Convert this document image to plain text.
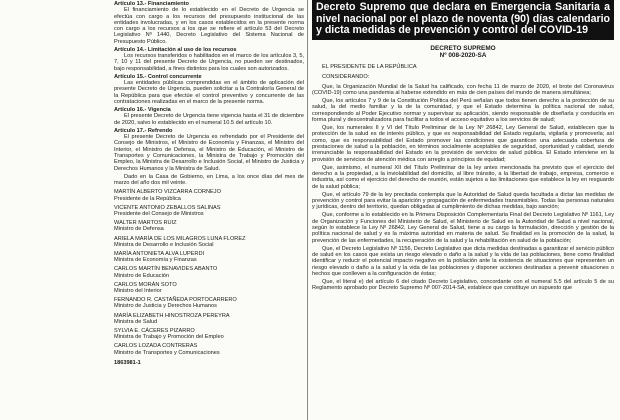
Artículo 13.- Financiamiento

El financiamiento de lo establecido en el Decreto de Urgencia se efectúa con cargo a los recursos del presupuesto institucional de las entidades involucradas, y en los casos establecidos en la presente norma con cargo a los recursos a los que se refiere el artículo 53 del Decreto Legislativo Nº 1440, Decreto Legislativo del Sistema Nacional de Presupuesto Público.

Artículo 14.- Limitación al uso de los recursos

Los recursos transferidos o habilitados en el marco de los artículos 3, 5, 7, 10 y 11 del presente Decreto de Urgencia, no pueden ser destinados, bajo responsabilidad, a fines distintos para los cuales son autorizados.

Artículo 15.- Control concurrente

Las entidades públicas comprendidas en el ámbito de aplicación del presente Decreto de Urgencia, pueden solicitar a la Contraloría General de la República para que efectúe el control preventivo y concurrente de las contrataciones realizadas en el marco de la presente norma.

Artículo 16.- Vigencia

El presente Decreto de Urgencia tiene vigencia hasta el 31 de diciembre de 2020, salvo lo establecido en el numeral 10.5 del artículo 10.

Artículo 17.- Refrendo

El presente Decreto de Urgencia es refrendado por el Presidente del Consejo de Ministros, el Ministro de Economía y Finanzas, el Ministro del Interior, el Ministro de Defensa, el Ministro de Educación, el Ministro de Transportes y Comunicaciones, la Ministra de Trabajo y Promoción del Empleo, la Ministra de Desarrollo e Inclusión Social, el Ministro de Justicia y Derechos Humanos y la Ministra de Salud.

Dado en la Casa de Gobierno, en Lima, a los once días del mes de marzo del año dos mil veinte.

MARTÍN ALBERTO VIZCARRA CORNEJO
Presidente de la República
VICENTE ANTONIO ZEBALLOS SALINAS
Presidente del Consejo de Ministros
WALTER MARTOS RUIZ
Ministro de Defensa
ARIELA MARÍA DE LOS MILAGROS LUNA FLOREZ
Ministra de Desarrollo e Inclusión Social
MARÍA ANTONIETA ALVA LUPERDI
Ministra de Economía y Finanzas
CARLOS MARTÍN BENAVIDES ABANTO
Ministro de Educación
CARLOS MORÁN SOTO
Ministro del Interior
FERNANDO R. CASTAÑEDA PORTOCARRERO
Ministro de Justicia y Derechos Humanos
MARÍA ELIZABETH HINOSTROZA PEREYRA
Ministra de Salud
SYLVIA E. CÁCERES PIZARRO
Ministra de Trabajo y Promoción del Empleo
CARLOS LOZADA CONTRERAS
Ministro de Transportes y Comunicaciones
1863981-1
Decreto Supremo que declara en Emergencia Sanitaria a nivel nacional por el plazo de noventa (90) días calendario y dicta medidas de prevención y control del COVID-19
DECRETO SUPREMO
Nº 008-2020-SA

EL PRESIDENTE DE LA REPÚBLICA

CONSIDERANDO:

Que, la Organización Mundial de la Salud ha calificado, con fecha 11 de marzo de 2020, el brote del Coronavirus (COVID-19) como una pandemia al haberse extendido en más de cien países del mundo de manera simultánea;

Que, los artículos 7 y 9 de la Constitución Política del Perú señalan que todos tienen derecho a la protección de su salud, la del medio familiar y la de la comunidad, y que el Estado determina la política nacional de salud, correspondiendo al Poder Ejecutivo normar y supervisar su aplicación, siendo responsable de diseñarla y conducirla en forma plural y descentralizadora para facilitar a todos el acceso equitativo a los servicios de salud;

Que, los numerales II y VI del Título Preliminar de la Ley Nº 26842, Ley General de Salud, establecen que la protección de la salud es de interés público, y que es responsabilidad del Estado regularla, vigilarla y promoverla; así como, que es responsabilidad del Estado promover las condiciones que garanticen una adecuada cobertura de prestaciones de salud a la población, en términos socialmente aceptables de seguridad, oportunidad y calidad, siendo irrenunciable la responsabilidad del Estado en la provisión de servicios de salud pública. El Estado interviene en la provisión de servicios de atención médica con arreglo a principios de equidad;

Que, asimismo, el numeral XII del Título Preliminar de la ley antes mencionada ha previsto que el ejercicio del derecho a la propiedad, a la inviolabilidad del domicilio, al libre tránsito, a la libertad de trabajo, empresa, comercio e industria, así como el ejercicio del derecho de reunión, están sujetos a las limitaciones que establece la ley en resguardo de la salud pública;

Que, el artículo 79 de la ley precitada contempla que la Autoridad de Salud queda facultada a dictar las medidas de prevención y control para evitar la aparición y propagación de enfermedades transmisibles. Todas las personas naturales y jurídicas, dentro del territorio, quedan obligadas al cumplimiento de dichas medidas, bajo sanción;

Que, conforme a lo establecido en la Primera Disposición Complementaria Final del Decreto Legislativo Nº 1161, Ley de Organización y Funciones del Ministerio de Salud, el Ministerio de Salud es la Autoridad de Salud a nivel nacional, según lo establece la Ley Nº 26842, Ley General de Salud, tiene a su cargo la formulación, dirección y gestión de la política nacional de salud y es la máxima autoridad en materia de salud. Su finalidad es la promoción de la salud, la prevención de las enfermedades, la recuperación de la salud y la rehabilitación en salud de la población;

Que, el Decreto Legislativo Nº 1156, Decreto Legislativo que dicta medidas destinadas a garantizar el servicio público de salud en los casos que exista un riesgo elevado o daño a la salud y la vida de las poblaciones, tiene como finalidad identificar y reducir el potencial impacto negativo en la población ante la existencia de situaciones que representen un riesgo elevado o daño a la salud y la vida de las poblaciones y disponer acciones destinadas a prevenir situaciones o hechos que conlleven a la configuración de éstas;

Que, el literal e) del artículo 6 del citado Decreto Legislativo, concordante con el numeral 5.5 del artículo 5 de su Reglamento aprobado por Decreto Supremo Nº 007-2014-SA, establece que constituye un supuesto que
